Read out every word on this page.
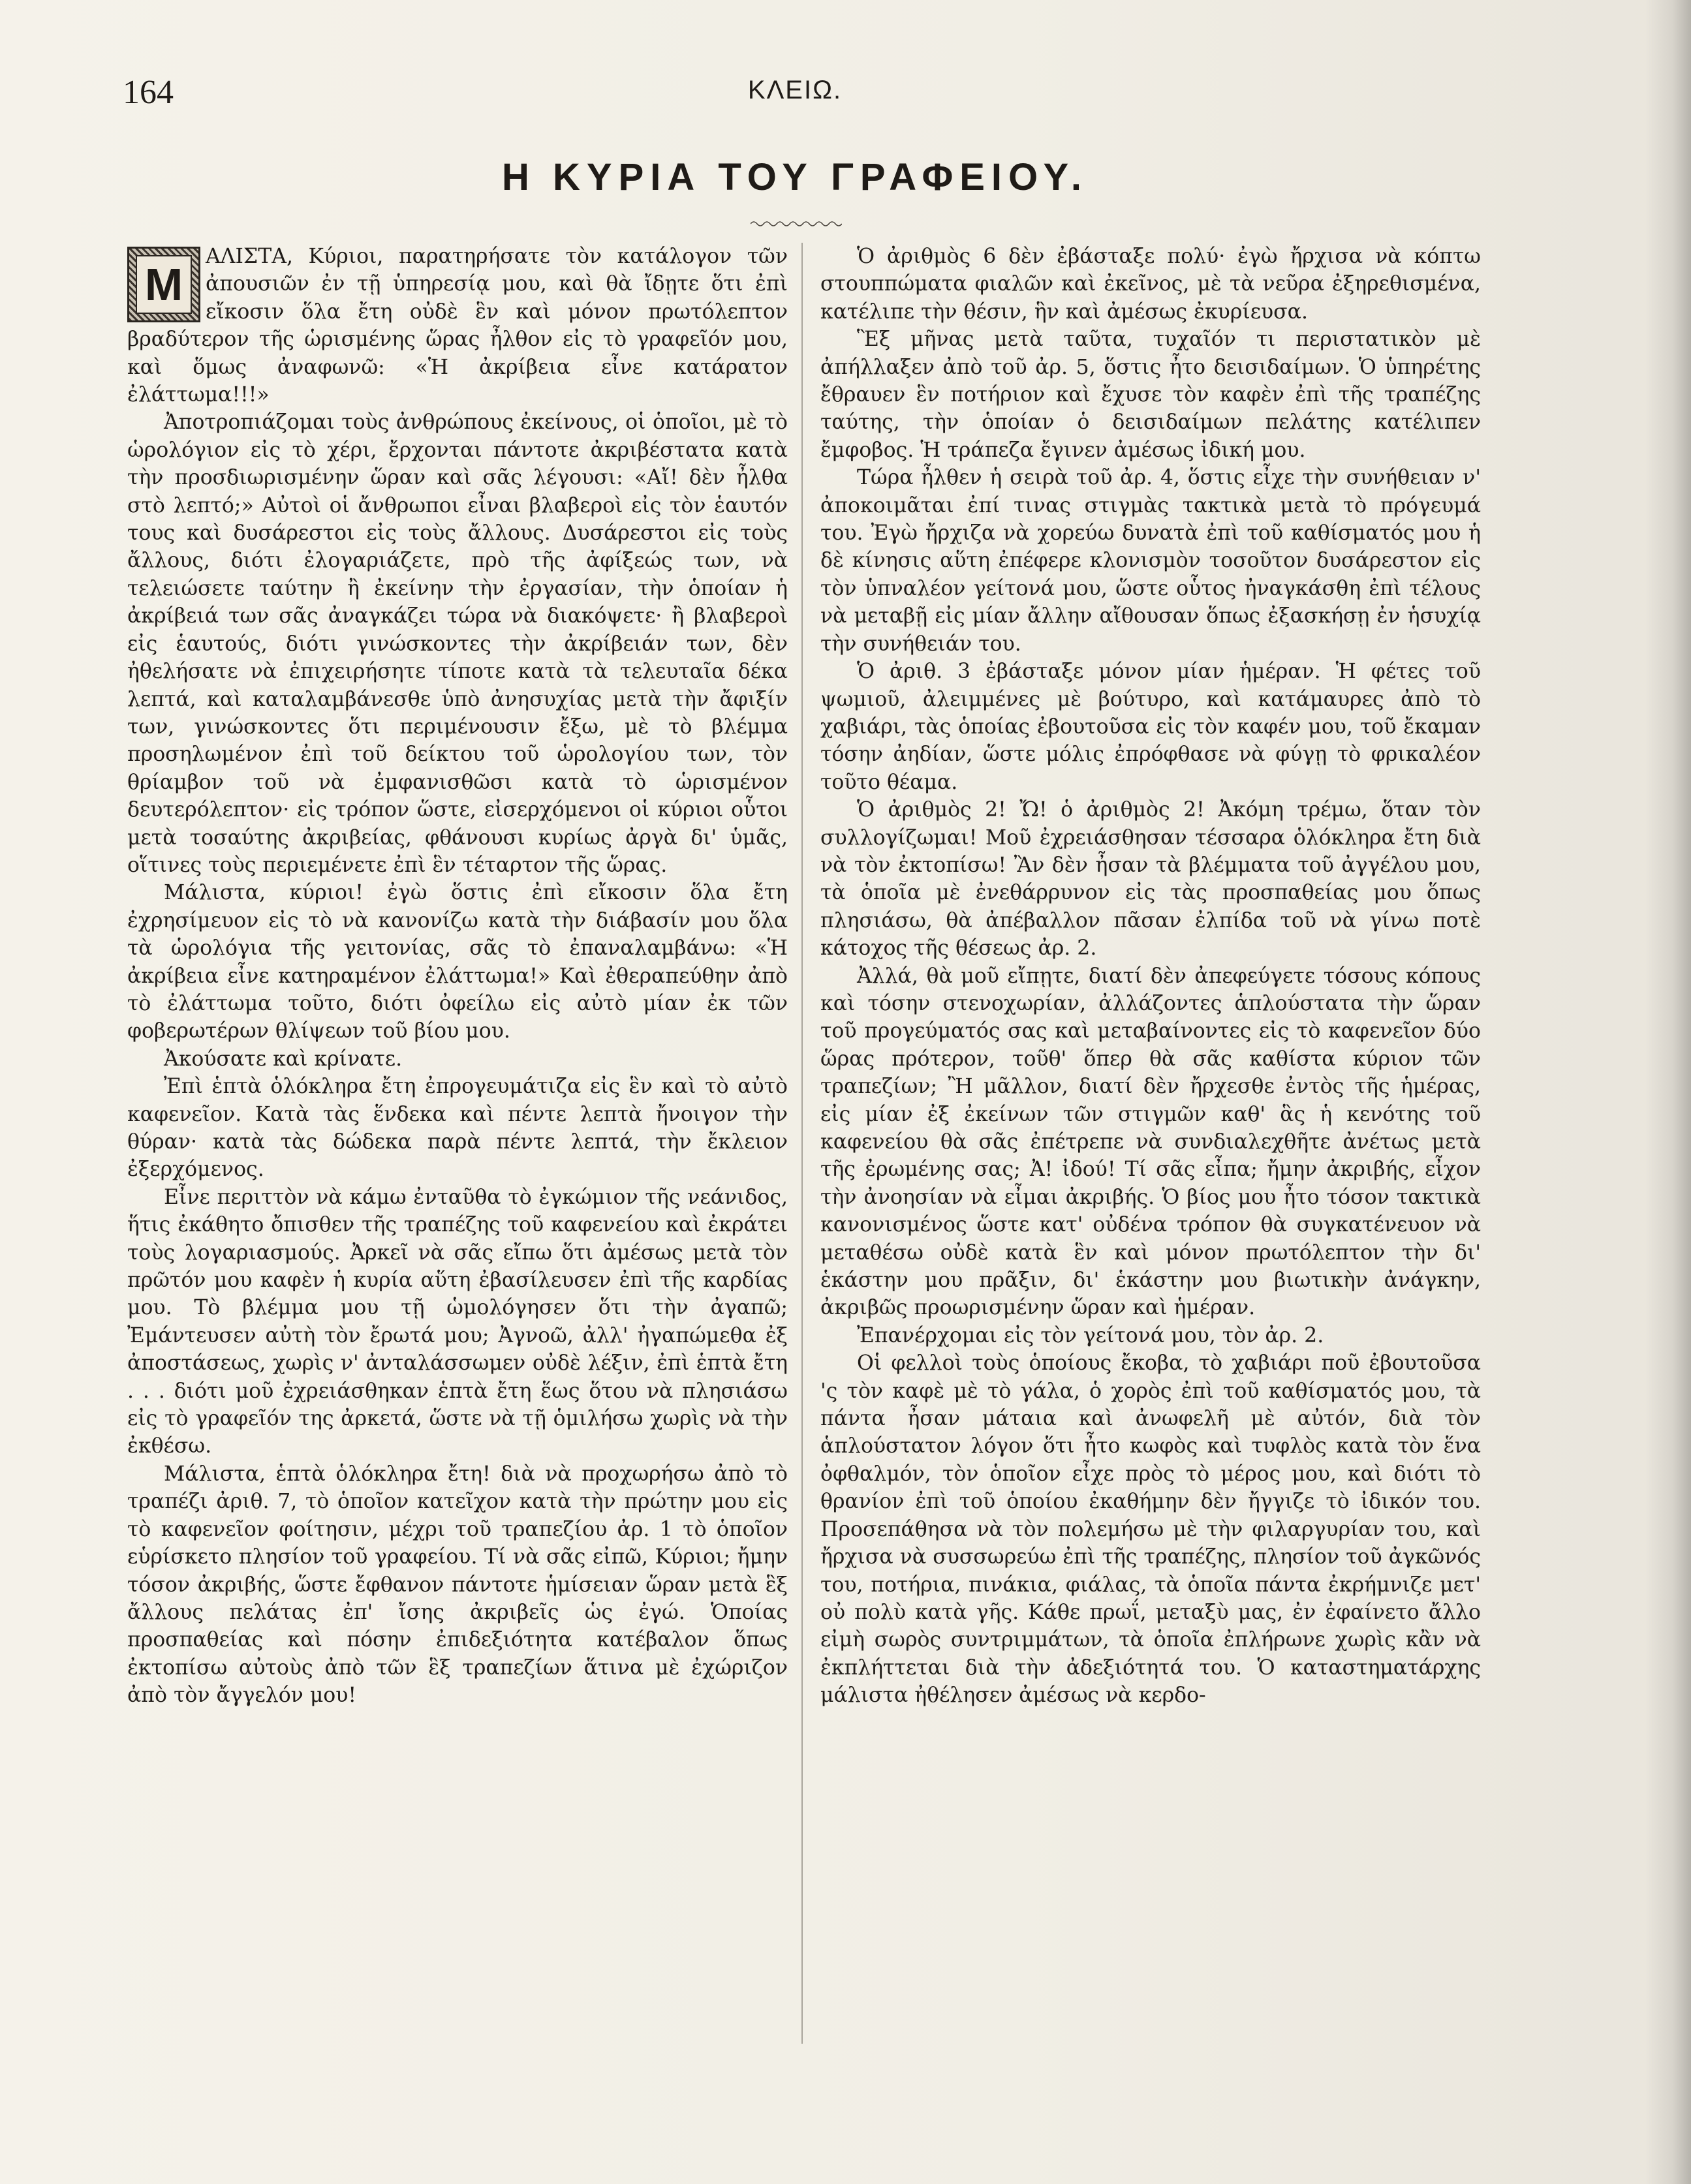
164	ΚΛΕΙΩ.
Η ΚΥΡΙΑ ΤΟΥ ΓΡΑΦΕΙΟΥ.

Μ
ΑΛΙΣΤΑ, Κύριοι, παρατηρήσατε τὸν κατάλογον τῶν ἀπουσιῶν ἐν τῇ ὑπηρεσίᾳ μου, καὶ θὰ ἴδῃτε ὅτι ἐπὶ εἴκοσιν ὅλα ἔτη οὐδὲ ἓν καὶ μόνον πρωτόλεπτον βραδύτερον τῆς ὡρισμένης ὥρας ἦλθον εἰς τὸ γραφεῖόν μου, καὶ ὅμως ἀναφωνῶ: «Ἡ ἀκρίβεια εἶνε κατάρατον ἐλάττωμα!!!»

Ἀποτροπιάζομαι τοὺς ἀνθρώπους ἐκείνους, οἱ ὁποῖοι, μὲ τὸ ὡρολόγιον εἰς τὸ χέρι, ἔρχονται πάντοτε ἀκριβέστατα κατὰ τὴν προσδιωρισμένην ὥραν καὶ σᾶς λέγουσι: «Αἴ! δὲν ἦλθα στὸ λεπτό;» Αὐτοὶ οἱ ἄνθρωποι εἶναι βλαβεροὶ εἰς τὸν ἑαυτόν τους καὶ δυσάρεστοι εἰς τοὺς ἄλλους. Δυσάρεστοι εἰς τοὺς ἄλλους, διότι ἐλογαριάζετε, πρὸ τῆς ἀφίξεώς των, νὰ τελειώσετε ταύτην ἢ ἐκείνην τὴν ἐργασίαν, τὴν ὁποίαν ἡ ἀκρίβειά των σᾶς ἀναγκάζει τώρα νὰ διακόψετε· ἢ βλαβεροὶ εἰς ἑαυτούς, διότι γινώσκοντες τὴν ἀκρίβειάν των, δὲν ἠθελήσατε νὰ ἐπιχειρήσητε τίποτε κατὰ τὰ τελευταῖα δέκα λεπτά, καὶ καταλαμβάνεσθε ὑπὸ ἀνησυχίας μετὰ τὴν ἄφιξίν των, γινώσκοντες ὅτι περιμένουσιν ἔξω, μὲ τὸ βλέμμα προσηλωμένον ἐπὶ τοῦ δείκτου τοῦ ὡρολογίου των, τὸν θρίαμβον τοῦ νὰ ἐμφανισθῶσι κατὰ τὸ ὡρισμένον δευτερόλεπτον· εἰς τρόπον ὥστε, εἰσερχόμενοι οἱ κύριοι οὗτοι μετὰ τοσαύτης ἀκριβείας, φθάνουσι κυρίως ἀργὰ δι' ὑμᾶς, οἵτινες τοὺς περιεμένετε ἐπὶ ἓν τέταρτον τῆς ὥρας.

Μάλιστα, κύριοι! ἐγὼ ὅστις ἐπὶ εἴκοσιν ὅλα ἔτη ἐχρησίμευον εἰς τὸ νὰ κανονίζω κατὰ τὴν διάβασίν μου ὅλα τὰ ὡρολόγια τῆς γειτονίας, σᾶς τὸ ἐπαναλαμβάνω: «Ἡ ἀκρίβεια εἶνε κατηραμένον ἐλάττωμα!» Καὶ ἐθεραπεύθην ἀπὸ τὸ ἐλάττωμα τοῦτο, διότι ὀφείλω εἰς αὐτὸ μίαν ἐκ τῶν φοβερωτέρων θλίψεων τοῦ βίου μου.

Ἀκούσατε καὶ κρίνατε.

Ἐπὶ ἑπτὰ ὁλόκληρα ἔτη ἐπρογευμάτιζα εἰς ἓν καὶ τὸ αὐτὸ καφενεῖον. Κατὰ τὰς ἕνδεκα καὶ πέντε λεπτὰ ἤνοιγον τὴν θύραν· κατὰ τὰς δώδεκα παρὰ πέντε λεπτά, τὴν ἔκλειον ἐξερχόμενος.

Εἶνε περιττὸν νὰ κάμω ἐνταῦθα τὸ ἐγκώμιον τῆς νεάνιδος, ἥτις ἐκάθητο ὄπισθεν τῆς τραπέζης τοῦ καφενείου καὶ ἐκράτει τοὺς λογαριασμούς. Ἀρκεῖ νὰ σᾶς εἴπω ὅτι ἀμέσως μετὰ τὸν πρῶτόν μου καφὲν ἡ κυρία αὕτη ἐβασίλευσεν ἐπὶ τῆς καρδίας μου. Τὸ βλέμμα μου τῇ ὡμολόγησεν ὅτι τὴν ἀγαπῶ; Ἐμάντευσεν αὐτὴ τὸν ἔρωτά μου; Ἀγνοῶ, ἀλλ' ἠγαπώμεθα ἐξ ἀποστάσεως, χωρὶς ν' ἀνταλάσσωμεν οὐδὲ λέξιν, ἐπὶ ἑπτὰ ἔτη . . . διότι μοῦ ἐχρειάσθηκαν ἑπτὰ ἔτη ἕως ὅτου νὰ πλησιάσω εἰς τὸ γραφεῖόν της ἀρκετά, ὥστε νὰ τῇ ὁμιλήσω χωρὶς νὰ τὴν ἐκθέσω.

Μάλιστα, ἑπτὰ ὁλόκληρα ἔτη! διὰ νὰ προχωρήσω ἀπὸ τὸ τραπέζι ἀριθ. 7, τὸ ὁποῖον κατεῖχον κατὰ τὴν πρώτην μου εἰς τὸ καφενεῖον φοίτησιν, μέχρι τοῦ τραπεζίου ἀρ. 1 τὸ ὁποῖον εὑρίσκετο πλησίον τοῦ γραφείου. Τί νὰ σᾶς εἰπῶ, Κύριοι; ἤμην τόσον ἀκριβής, ὥστε ἔφθανον πάντοτε ἡμίσειαν ὥραν μετὰ ἓξ ἄλλους πελάτας ἐπ' ἴσης ἀκριβεῖς ὡς ἐγώ. Ὁποίας προσπαθείας καὶ πόσην ἐπιδεξιότητα κατέβαλον ὅπως ἐκτοπίσω αὐτοὺς ἀπὸ τῶν ἓξ τραπεζίων ἅτινα μὲ ἐχώριζον ἀπὸ τὸν ἄγγελόν μου!

Ὁ ἀριθμὸς 6 δὲν ἐβάσταξε πολύ· ἐγὼ ἤρχισα νὰ κόπτω στουππώματα φιαλῶν καὶ ἐκεῖνος, μὲ τὰ νεῦρα ἐξηρεθισμένα, κατέλιπε τὴν θέσιν, ἣν καὶ ἀμέσως ἐκυρίευσα.

Ἓξ μῆνας μετὰ ταῦτα, τυχαῖόν τι περιστατικὸν μὲ ἀπήλλαξεν ἀπὸ τοῦ ἀρ. 5, ὅστις ἦτο δεισιδαίμων. Ὁ ὑπηρέτης ἔθραυεν ἓν ποτήριον καὶ ἔχυσε τὸν καφὲν ἐπὶ τῆς τραπέζης ταύτης, τὴν ὁποίαν ὁ δεισιδαίμων πελάτης κατέλιπεν ἔμφοβος. Ἡ τράπεζα ἔγινεν ἀμέσως ἰδική μου.

Τώρα ἦλθεν ἡ σειρὰ τοῦ ἀρ. 4, ὅστις εἶχε τὴν συνήθειαν ν' ἀποκοιμᾶται ἐπί τινας στιγμὰς τακτικὰ μετὰ τὸ πρόγευμά του. Ἐγὼ ἤρχιζα νὰ χορεύω δυνατὰ ἐπὶ τοῦ καθίσματός μου ἡ δὲ κίνησις αὕτη ἐπέφερε κλονισμὸν τοσοῦτον δυσάρεστον εἰς τὸν ὑπναλέον γείτονά μου, ὥστε οὗτος ἠναγκάσθη ἐπὶ τέλους νὰ μεταβῇ εἰς μίαν ἄλλην αἴθουσαν ὅπως ἐξασκήσῃ ἐν ἡσυχίᾳ τὴν συνήθειάν του.

Ὁ ἀριθ. 3 ἐβάσταξε μόνον μίαν ἡμέραν. Ἡ φέτες τοῦ ψωμιοῦ, ἀλειμμένες μὲ βούτυρο, καὶ κατάμαυρες ἀπὸ τὸ χαβιάρι, τὰς ὁποίας ἐβουτοῦσα εἰς τὸν καφέν μου, τοῦ ἔκαμαν τόσην ἀηδίαν, ὥστε μόλις ἐπρόφθασε νὰ φύγῃ τὸ φρικαλέον τοῦτο θέαμα.

Ὁ ἀριθμὸς 2! Ὤ! ὁ ἀριθμὸς 2! Ἀκόμη τρέμω, ὅταν τὸν συλλογίζωμαι! Μοῦ ἐχρειάσθησαν τέσσαρα ὁλόκληρα ἔτη διὰ νὰ τὸν ἐκτοπίσω! Ἂν δὲν ἦσαν τὰ βλέμματα τοῦ ἀγγέλου μου, τὰ ὁποῖα μὲ ἐνεθάρρυνον εἰς τὰς προσπαθείας μου ὅπως πλησιάσω, θὰ ἀπέβαλλον πᾶσαν ἐλπίδα τοῦ νὰ γίνω ποτὲ κάτοχος τῆς θέσεως ἀρ. 2.

Ἀλλά, θὰ μοῦ εἴπῃτε, διατί δὲν ἀπεφεύγετε τόσους κόπους καὶ τόσην στενοχωρίαν, ἀλλάζοντες ἁπλούστατα τὴν ὥραν τοῦ προγεύματός σας καὶ μεταβαίνοντες εἰς τὸ καφενεῖον δύο ὥρας πρότερον, τοῦθ' ὅπερ θὰ σᾶς καθίστα κύριον τῶν τραπεζίων; Ἢ μᾶλλον, διατί δὲν ἤρχεσθε ἐντὸς τῆς ἡμέρας, εἰς μίαν ἐξ ἐκείνων τῶν στιγμῶν καθ' ἃς ἡ κενότης τοῦ καφενείου θὰ σᾶς ἐπέτρεπε νὰ συνδιαλεχθῆτε ἀνέτως μετὰ τῆς ἐρωμένης σας; Ἀ! ἰδού! Τί σᾶς εἶπα; ἤμην ἀκριβής, εἶχον τὴν ἀνοησίαν νὰ εἶμαι ἀκριβής. Ὁ βίος μου ἦτο τόσον τακτικὰ κανονισμένος ὥστε κατ' οὐδένα τρόπον θὰ συγκατένευον νὰ μεταθέσω οὐδὲ κατὰ ἓν καὶ μόνον πρωτόλεπτον τὴν δι' ἑκάστην μου πρᾶξιν, δι' ἑκάστην μου βιωτικὴν ἀνάγκην, ἀκριβῶς προωρισμένην ὥραν καὶ ἡμέραν.

Ἐπανέρχομαι εἰς τὸν γείτονά μου, τὸν ἀρ. 2.

Οἱ φελλοὶ τοὺς ὁποίους ἔκοβα, τὸ χαβιάρι ποῦ ἐβουτοῦσα 'ς τὸν καφὲ μὲ τὸ γάλα, ὁ χορὸς ἐπὶ τοῦ καθίσματός μου, τὰ πάντα ἦσαν μάταια καὶ ἀνωφελῆ μὲ αὐτόν, διὰ τὸν ἁπλούστατον λόγον ὅτι ἦτο κωφὸς καὶ τυφλὸς κατὰ τὸν ἕνα ὀφθαλμόν, τὸν ὁποῖον εἶχε πρὸς τὸ μέρος μου, καὶ διότι τὸ θρανίον ἐπὶ τοῦ ὁποίου ἐκαθήμην δὲν ἤγγιζε τὸ ἰδικόν του. Προσεπάθησα νὰ τὸν πολεμήσω μὲ τὴν φιλαργυρίαν του, καὶ ἤρχισα νὰ συσσωρεύω ἐπὶ τῆς τραπέζης, πλησίον τοῦ ἀγκῶνός του, ποτήρια, πινάκια, φιάλας, τὰ ὁποῖα πάντα ἐκρήμνιζε μετ' οὐ πολὺ κατὰ γῆς. Κάθε πρωΐ, μεταξὺ μας, ἐν ἐφαίνετο ἄλλο εἰμὴ σωρὸς συντριμμάτων, τὰ ὁποῖα ἐπλήρωνε χωρὶς κἂν νὰ ἐκπλήττεται διὰ τὴν ἀδεξιότητά του. Ὁ καταστηματάρχης μάλιστα ἠθέλησεν ἀμέσως νὰ κερδο-
